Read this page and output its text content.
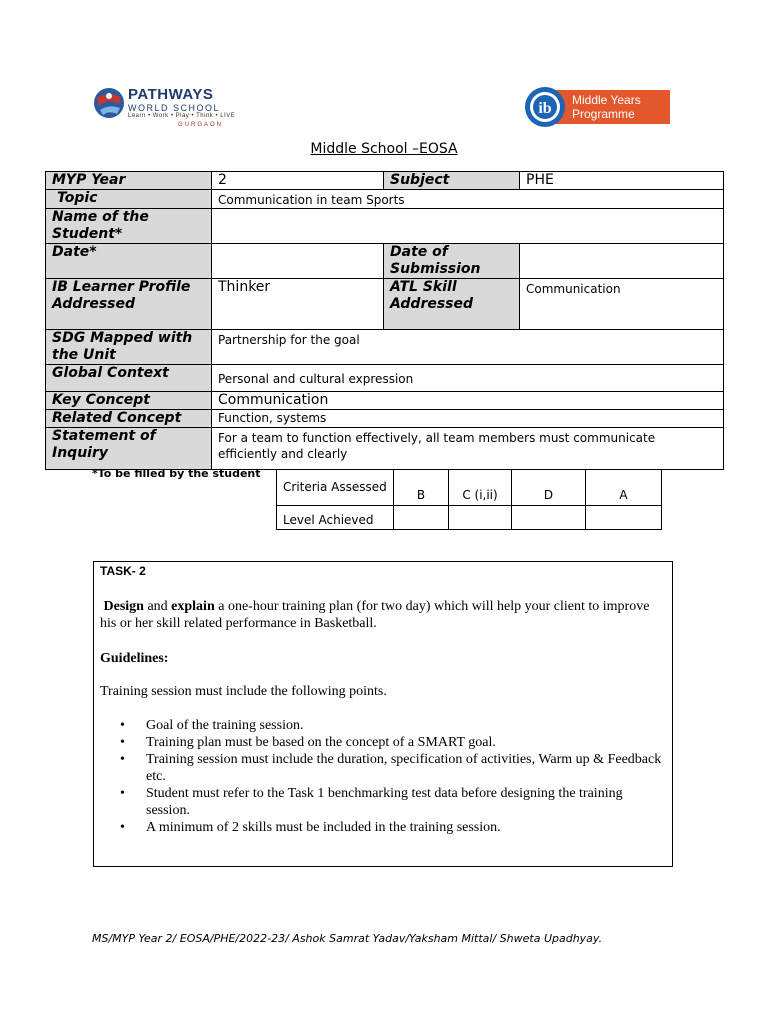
PATHWAYS
WORLD SCHOOL
Learn • Work • Play • Think • LIVE
GURGAON
ib Middle Years
Programme
Middle School –EOSA
MYP Year	2	Subject	PHE
Topic	Communication in team Sports		
Name of the Student*			
Date*		Date of Submission	
IB Learner Profile Addressed	Thinker	ATL Skill Addressed	Communication
SDG Mapped with the Unit	Partnership for the goal		
Global Context	Personal and cultural expression		
Key Concept	Communication		
Related Concept	Function, systems		
Statement of Inquiry	For a team to function effectively, all team members must communicate efficiently and clearly		
*To be filled by the student
Criteria Assessed	B	C (i,ii)	D	A
Level Achieved				
TASK- 2
Design and explain a one-hour training plan (for two day) which will help your client to improve his or her skill related performance in Basketball.
Guidelines:
Training session must include the following points.
• Goal of the training session.
• Training plan must be based on the concept of a SMART goal.
• Training session must include the duration, specification of activities, Warm up & Feedback etc.
• Student must refer to the Task 1 benchmarking test data before designing the training session.
• A minimum of 2 skills must be included in the training session.
MS/MYP Year 2/ EOSA/PHE/2022-23/ Ashok Samrat Yadav/Yaksham Mittal/ Shweta Upadhyay.
